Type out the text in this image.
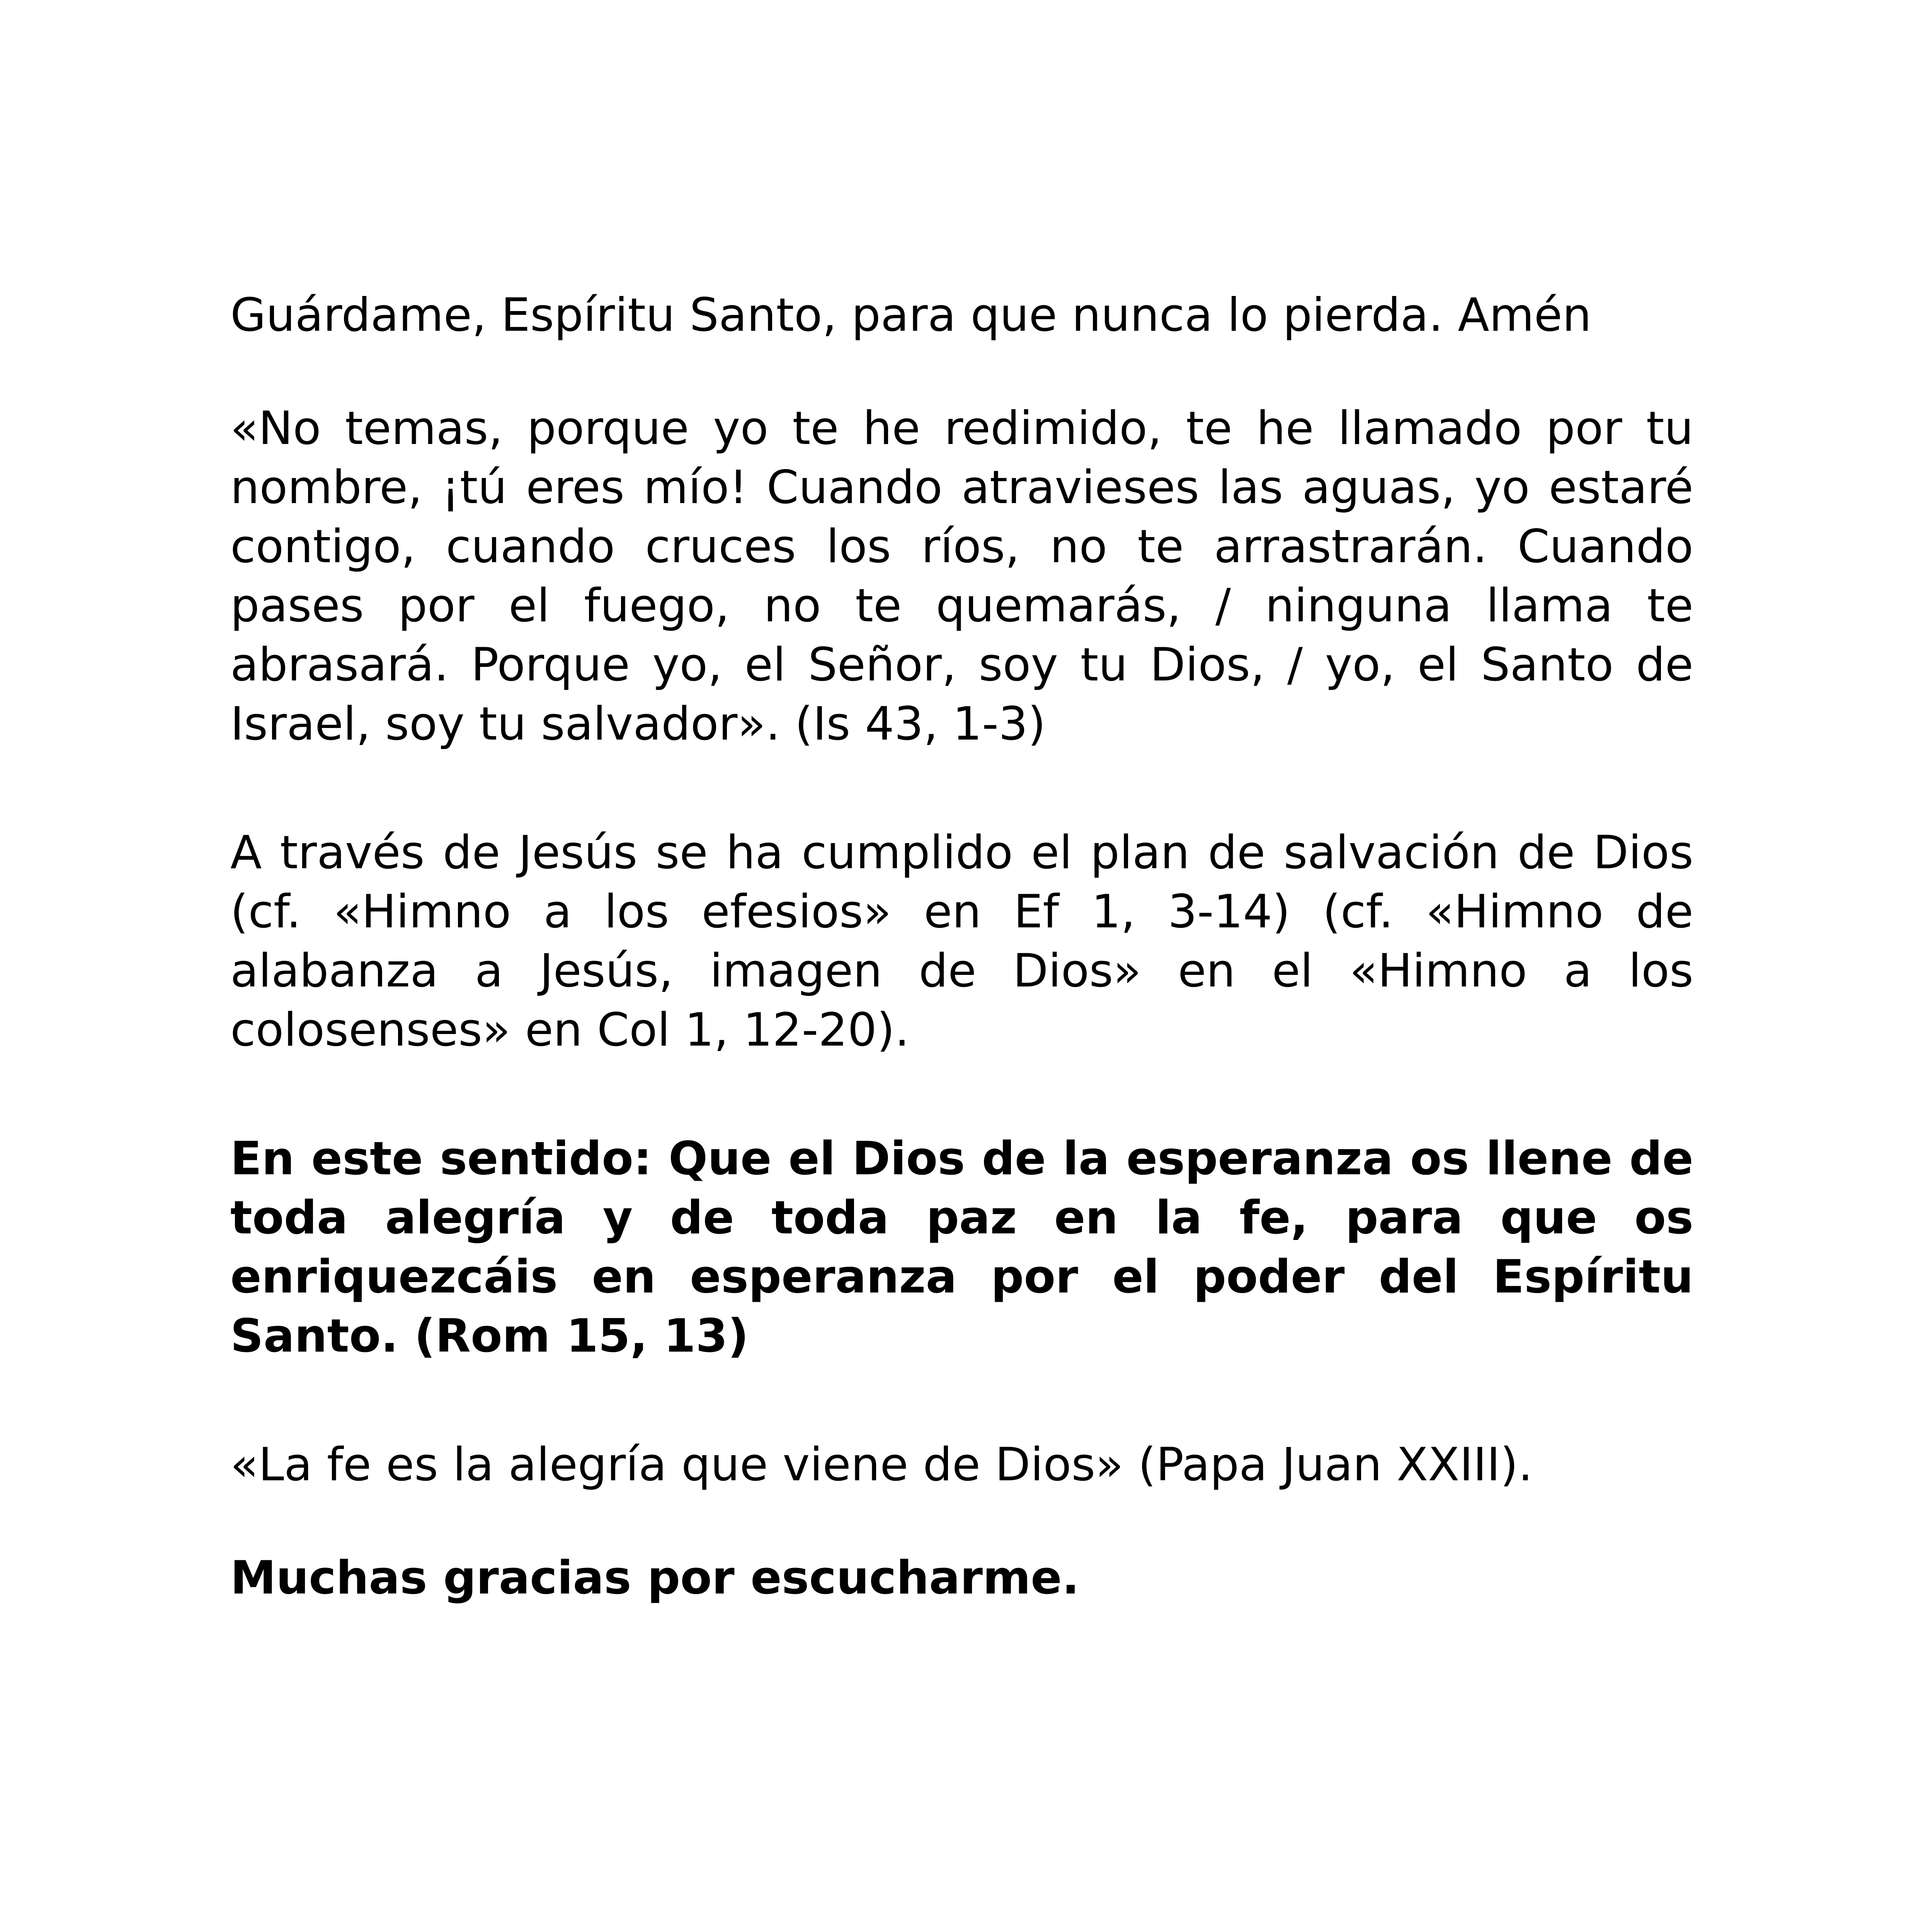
Guárdame, Espíritu Santo, para que nunca lo pierda. Amén

«No temas, porque yo te he redimido, te he llamado por tu nombre, ¡tú eres mío! Cuando atravieses las aguas, yo estaré contigo, cuando cruces los ríos, no te arrastrarán. Cuando pases por el fuego, no te quemarás, / ninguna llama te abrasará. Porque yo, el Señor, soy tu Dios, / yo, el Santo de Israel, soy tu salvador». (Is 43, 1-3)

A través de Jesús se ha cumplido el plan de salvación de Dios (cf. «Himno a los efesios» en Ef 1, 3-14) (cf. «Himno de alabanza a Jesús, imagen de Dios» en el «Himno a los colosenses» en Col 1, 12-20).

En este sentido: Que el Dios de la esperanza os llene de toda alegría y de toda paz en la fe, para que os enriquezcáis en esperanza por el poder del Espíritu Santo. (Rom 15, 13)

«La fe es la alegría que viene de Dios» (Papa Juan XXIII).

Muchas gracias por escucharme.
